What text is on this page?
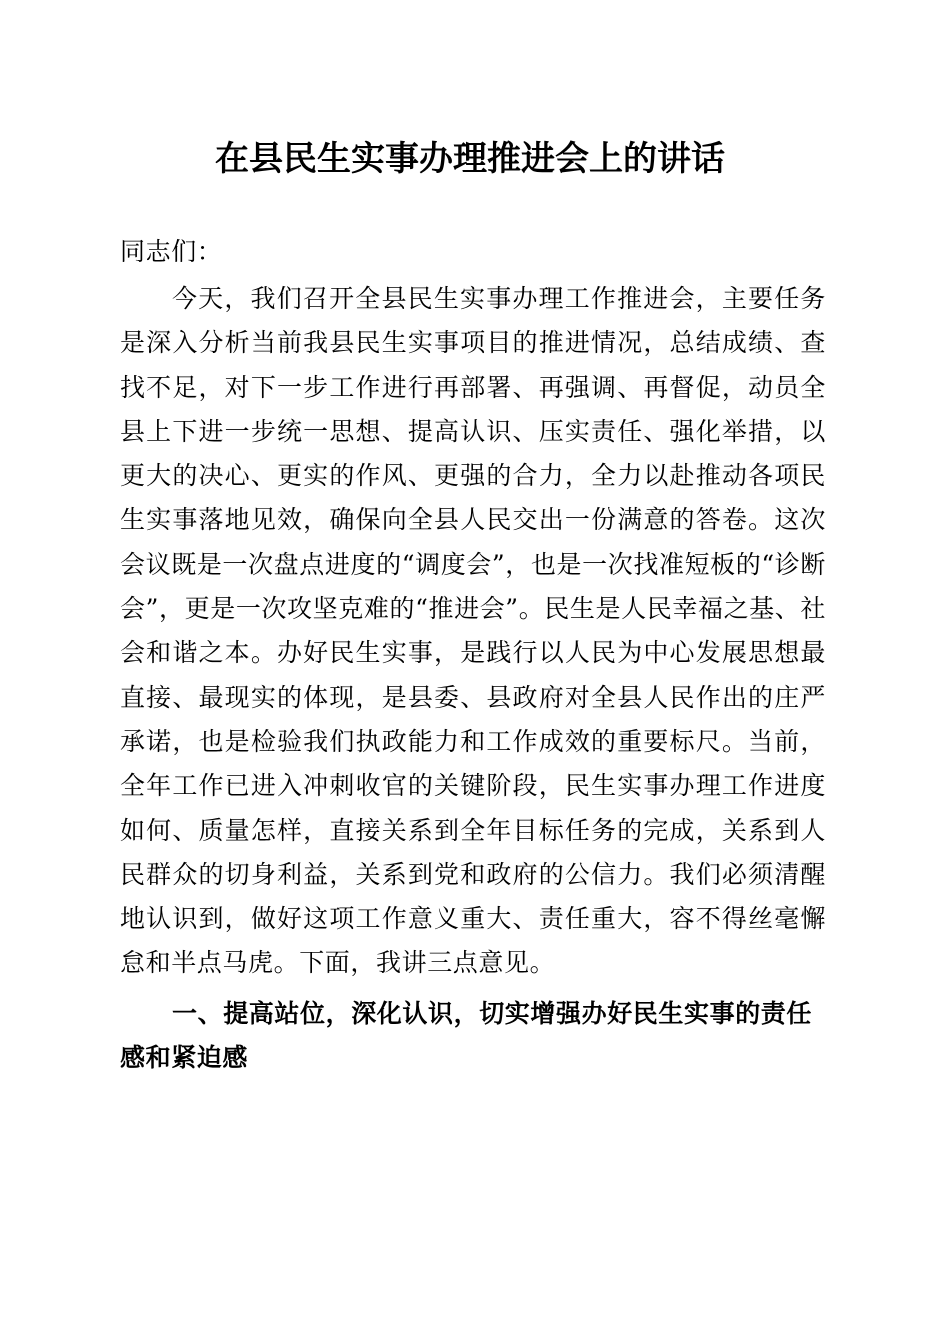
在县民生实事办理推进会上的讲话
同志们：
今天，我们召开全县民生实事办理工作推进会，主要任务是深入分析当前我县民生实事项目的推进情况，总结成绩、查找不足，对下一步工作进行再部署、再强调、再督促，动员全县上下进一步统一思想、提高认识、压实责任、强化举措，以更大的决心、更实的作风、更强的合力，全力以赴推动各项民生实事落地见效，确保向全县人民交出一份满意的答卷。这次会议既是一次盘点进度的“调度会”，也是一次找准短板的“诊断会”，更是一次攻坚克难的“推进会”。民生是人民幸福之基、社会和谐之本。办好民生实事，是践行以人民为中心发展思想最直接、最现实的体现，是县委、县政府对全县人民作出的庄严承诺，也是检验我们执政能力和工作成效的重要标尺。当前，全年工作已进入冲刺收官的关键阶段，民生实事办理工作进度如何、质量怎样，直接关系到全年目标任务的完成，关系到人民群众的切身利益，关系到党和政府的公信力。我们必须清醒地认识到，做好这项工作意义重大、责任重大，容不得丝毫懈怠和半点马虎。下面，我讲三点意见。
一、提高站位，深化认识，切实增强办好民生实事的责任感和紧迫感
